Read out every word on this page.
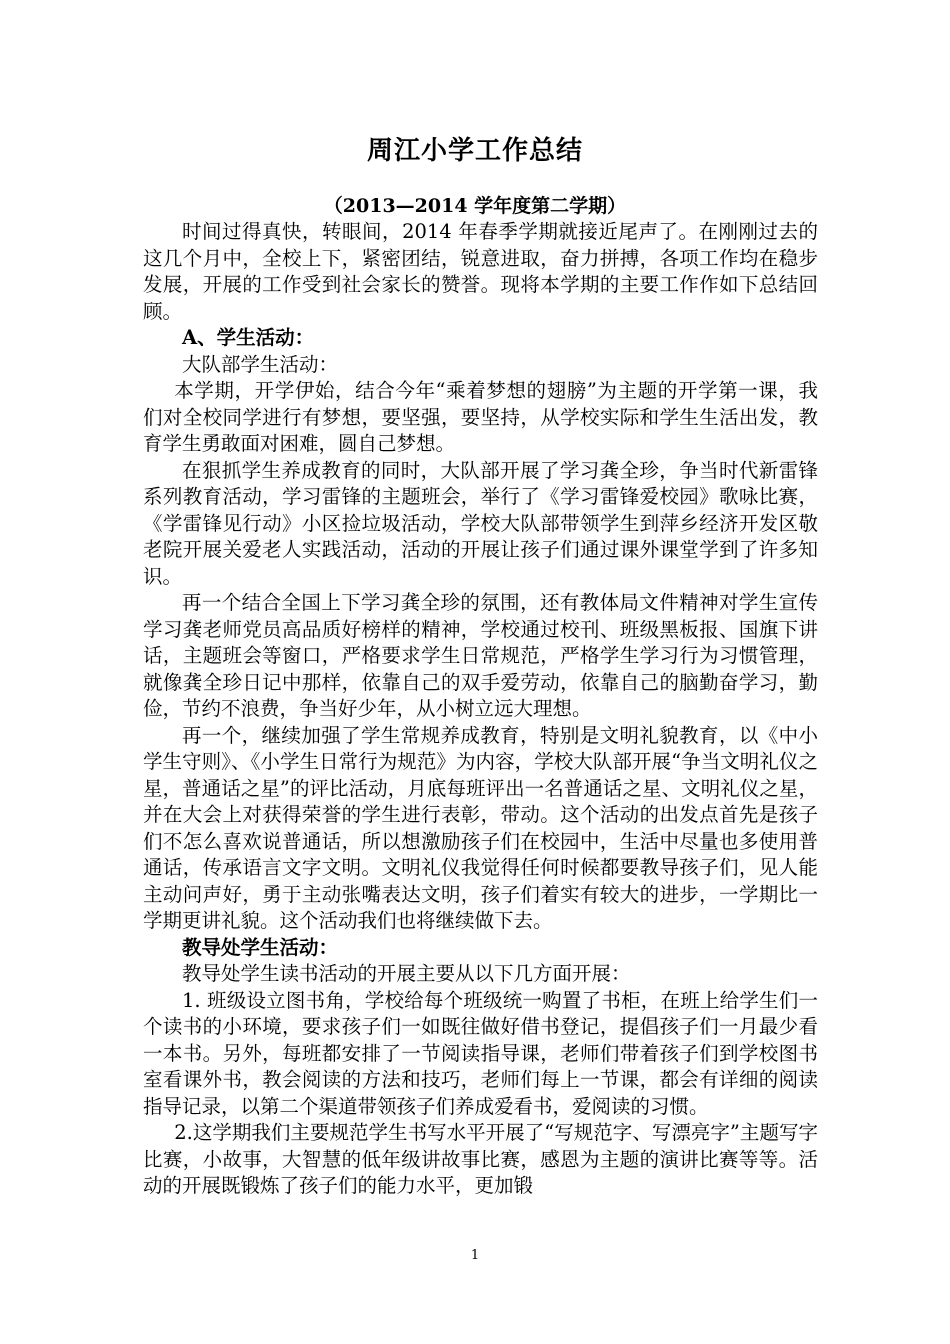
周江小学工作总结
（2013—2014 学年度第二学期）

时间过得真快，转眼间，2014 年春季学期就接近尾声了。在刚刚过去的这几个月中，全校上下，紧密团结，锐意进取，奋力拼搏，各项工作均在稳步发展，开展的工作受到社会家长的赞誉。现将本学期的主要工作作如下总结回顾。

A、学生活动：

大队部学生活动：

本学期，开学伊始，结合今年“乘着梦想的翅膀”为主题的开学第一课，我们对全校同学进行有梦想，要坚强，要坚持，从学校实际和学生生活出发，教育学生勇敢面对困难，圆自己梦想。

在狠抓学生养成教育的同时，大队部开展了学习龚全珍，争当时代新雷锋系列教育活动，学习雷锋的主题班会，举行了《学习雷锋爱校园》歌咏比赛，《学雷锋见行动》小区捡垃圾活动，学校大队部带领学生到萍乡经济开发区敬老院开展关爱老人实践活动，活动的开展让孩子们通过课外课堂学到了许多知识。

再一个结合全国上下学习龚全珍的氛围，还有教体局文件精神对学生宣传学习龚老师党员高品质好榜样的精神，学校通过校刊、班级黑板报、国旗下讲话，主题班会等窗口，严格要求学生日常规范，严格学生学习行为习惯管理，就像龚全珍日记中那样，依靠自己的双手爱劳动，依靠自己的脑勤奋学习，勤俭，节约不浪费，争当好少年，从小树立远大理想。

再一个，继续加强了学生常规养成教育，特别是文明礼貌教育，以《中小学生守则》、《小学生日常行为规范》为内容，学校大队部开展“争当文明礼仪之星，普通话之星”的评比活动，月底每班评出一名普通话之星、文明礼仪之星，并在大会上对获得荣誉的学生进行表彰，带动。这个活动的出发点首先是孩子们不怎么喜欢说普通话，所以想激励孩子们在校园中，生活中尽量也多使用普通话，传承语言文字文明。文明礼仪我觉得任何时候都要教导孩子们，见人能主动问声好，勇于主动张嘴表达文明，孩子们着实有较大的进步，一学期比一学期更讲礼貌。这个活动我们也将继续做下去。

教导处学生活动：

教导处学生读书活动的开展主要从以下几方面开展：

1. 班级设立图书角，学校给每个班级统一购置了书柜，在班上给学生们一个读书的小环境，要求孩子们一如既往做好借书登记，提倡孩子们一月最少看一本书。另外，每班都安排了一节阅读指导课，老师们带着孩子们到学校图书室看课外书，教会阅读的方法和技巧，老师们每上一节课，都会有详细的阅读指导记录，以第二个渠道带领孩子们养成爱看书，爱阅读的习惯。

2.这学期我们主要规范学生书写水平开展了“写规范字、写漂亮字”主题写字比赛，小故事，大智慧的低年级讲故事比赛，感恩为主题的演讲比赛等等。活动的开展既锻炼了孩子们的能力水平，更加锻

1
